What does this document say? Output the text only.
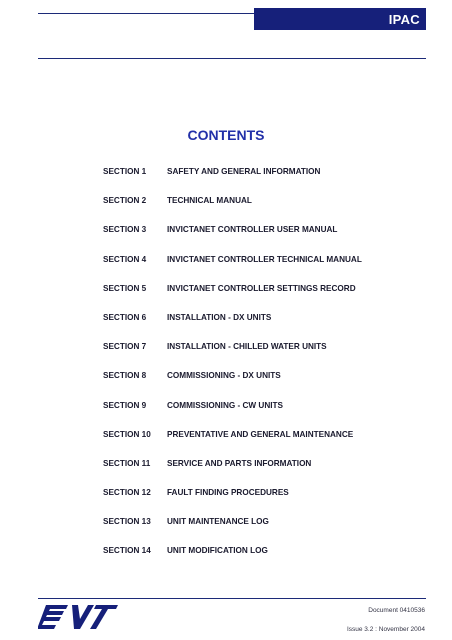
IPAC
CONTENTS
SECTION 1	SAFETY AND GENERAL INFORMATION
SECTION 2	TECHNICAL MANUAL
SECTION 3	INVICTANET CONTROLLER USER MANUAL
SECTION 4	INVICTANET CONTROLLER TECHNICAL MANUAL
SECTION 5	INVICTANET CONTROLLER SETTINGS RECORD
SECTION 6	INSTALLATION - DX UNITS
SECTION 7	INSTALLATION - CHILLED WATER UNITS
SECTION 8	COMMISSIONING - DX UNITS
SECTION 9	COMMISSIONING - CW UNITS
SECTION 10	PREVENTATIVE AND GENERAL MAINTENANCE
SECTION 11	SERVICE AND PARTS INFORMATION
SECTION 12	FAULT FINDING PROCEDURES
SECTION 13	UNIT MAINTENANCE LOG
SECTION 14	UNIT MODIFICATION LOG
Document 0410536
Issue 3.2 : November 2004
